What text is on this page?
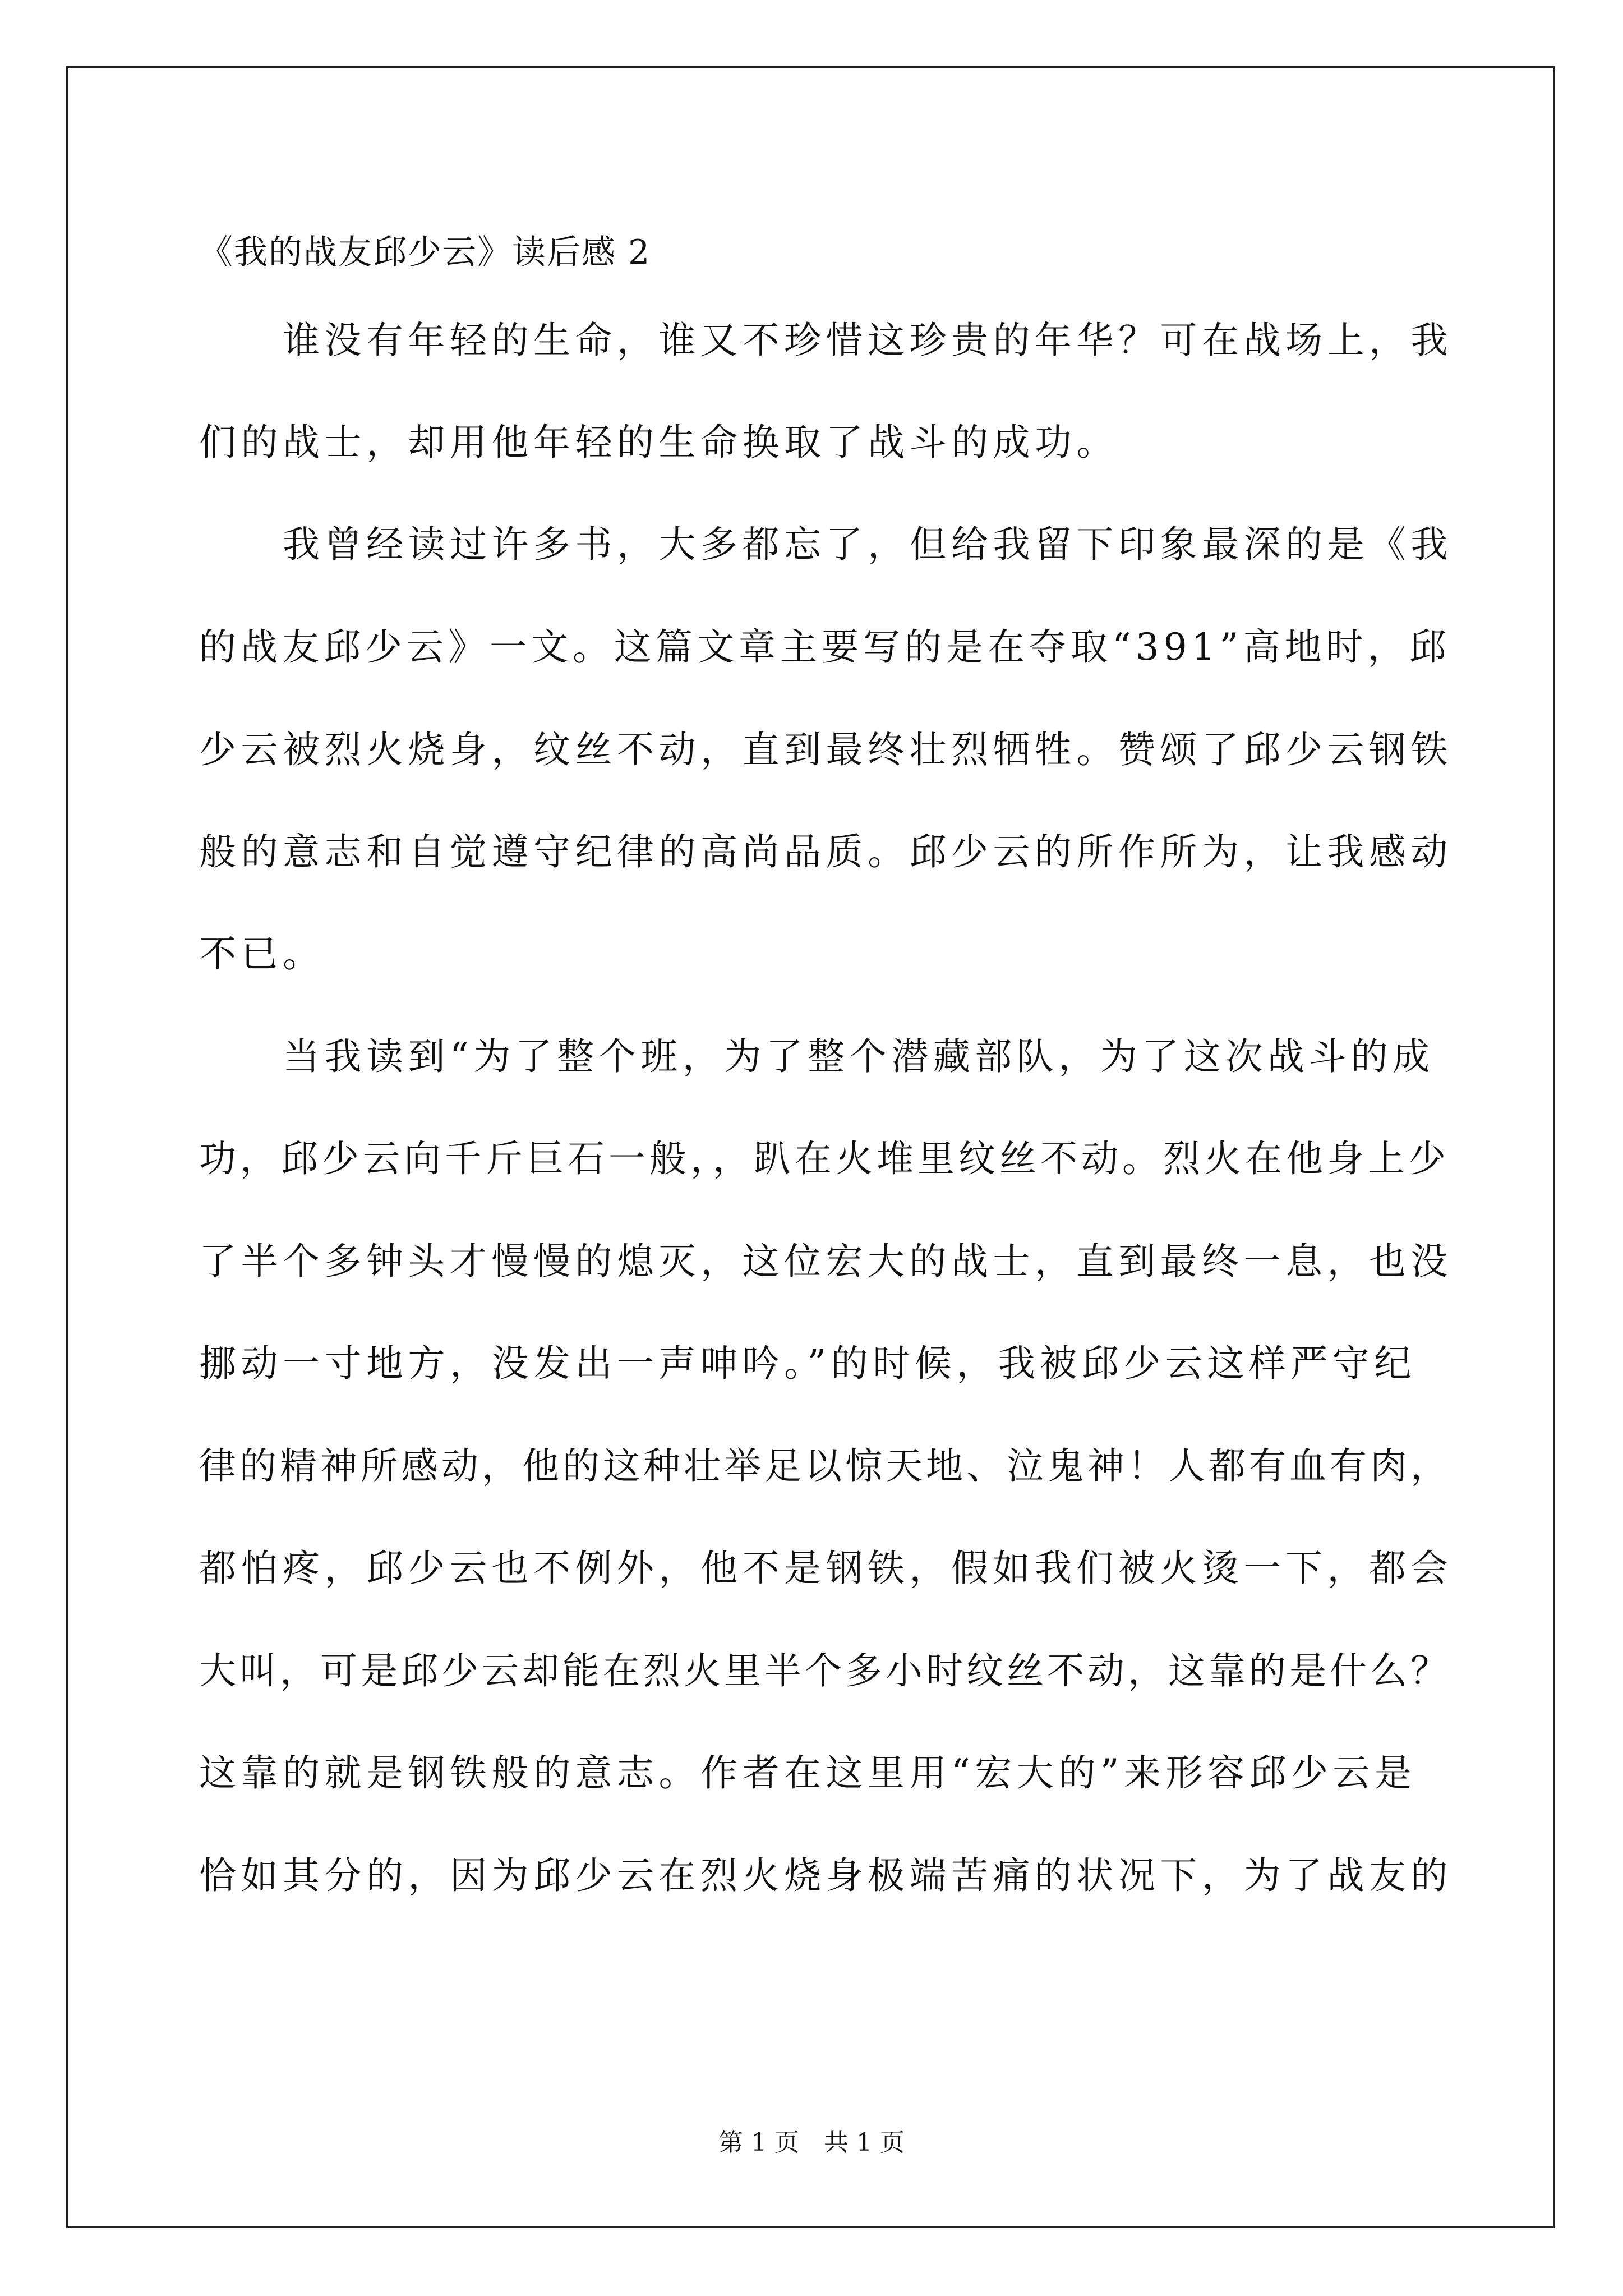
《我的战友邱少云》读后感 2
　　谁没有年轻的生命，谁又不珍惜这珍贵的年华？可在战场上，我
们的战士，却用他年轻的生命换取了战斗的成功。
　　我曾经读过许多书，大多都忘了，但给我留下印象最深的是《我
的战友邱少云》一文。这篇文章主要写的是在夺取“391”高地时，邱
少云被烈火烧身，纹丝不动，直到最终壮烈牺牲。赞颂了邱少云钢铁
般的意志和自觉遵守纪律的高尚品质。邱少云的所作所为，让我感动
不已。
　　当我读到“为了整个班，为了整个潜藏部队，为了这次战斗的成
功，邱少云向千斤巨石一般，，趴在火堆里纹丝不动。烈火在他身上少
了半个多钟头才慢慢的熄灭，这位宏大的战士，直到最终一息，也没
挪动一寸地方，没发出一声呻吟。”的时候，我被邱少云这样严守纪
律的精神所感动，他的这种壮举足以惊天地、泣鬼神！人都有血有肉，
都怕疼，邱少云也不例外，他不是钢铁，假如我们被火烫一下，都会
大叫，可是邱少云却能在烈火里半个多小时纹丝不动，这靠的是什么？
这靠的就是钢铁般的意志。作者在这里用“宏大的”来形容邱少云是
恰如其分的，因为邱少云在烈火烧身极端苦痛的状况下，为了战友的
第 1 页　共 1 页
